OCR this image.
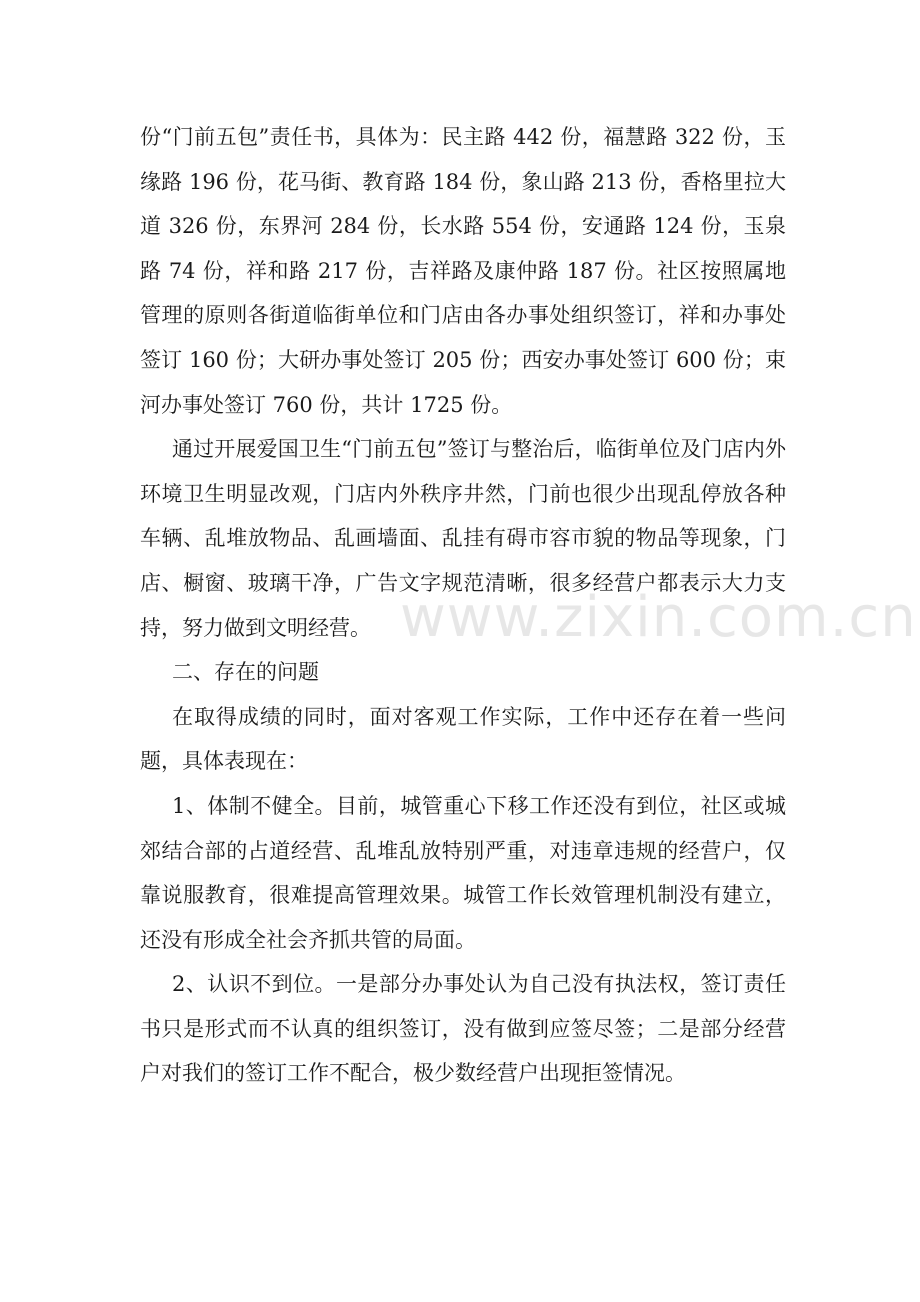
份“门前五包”责任书，具体为：民主路 442 份，福慧路 322 份，玉缘路 196 份，花马街、教育路 184 份，象山路 213 份，香格里拉大道 326 份，东界河 284 份，长水路 554 份，安通路 124 份，玉泉路 74 份，祥和路 217 份，吉祥路及康仲路 187 份。社区按照属地管理的原则各街道临街单位和门店由各办事处组织签订，祥和办事处签订 160 份；大研办事处签订 205 份；西安办事处签订 600 份；束河办事处签订 760 份，共计 1725 份。

通过开展爱国卫生“门前五包”签订与整治后，临街单位及门店内外环境卫生明显改观，门店内外秩序井然，门前也很少出现乱停放各种车辆、乱堆放物品、乱画墙面、乱挂有碍市容市貌的物品等现象，门店、橱窗、玻璃干净，广告文字规范清晰，很多经营户都表示大力支持，努力做到文明经营。

二、存在的问题

在取得成绩的同时，面对客观工作实际，工作中还存在着一些问题，具体表现在：

1、体制不健全。目前，城管重心下移工作还没有到位，社区或城郊结合部的占道经营、乱堆乱放特别严重，对违章违规的经营户，仅靠说服教育，很难提高管理效果。城管工作长效管理机制没有建立，还没有形成全社会齐抓共管的局面。

2、认识不到位。一是部分办事处认为自己没有执法权，签订责任书只是形式而不认真的组织签订，没有做到应签尽签；二是部分经营户对我们的签订工作不配合，极少数经营户出现拒签情况。

www.zixin.com.cn
